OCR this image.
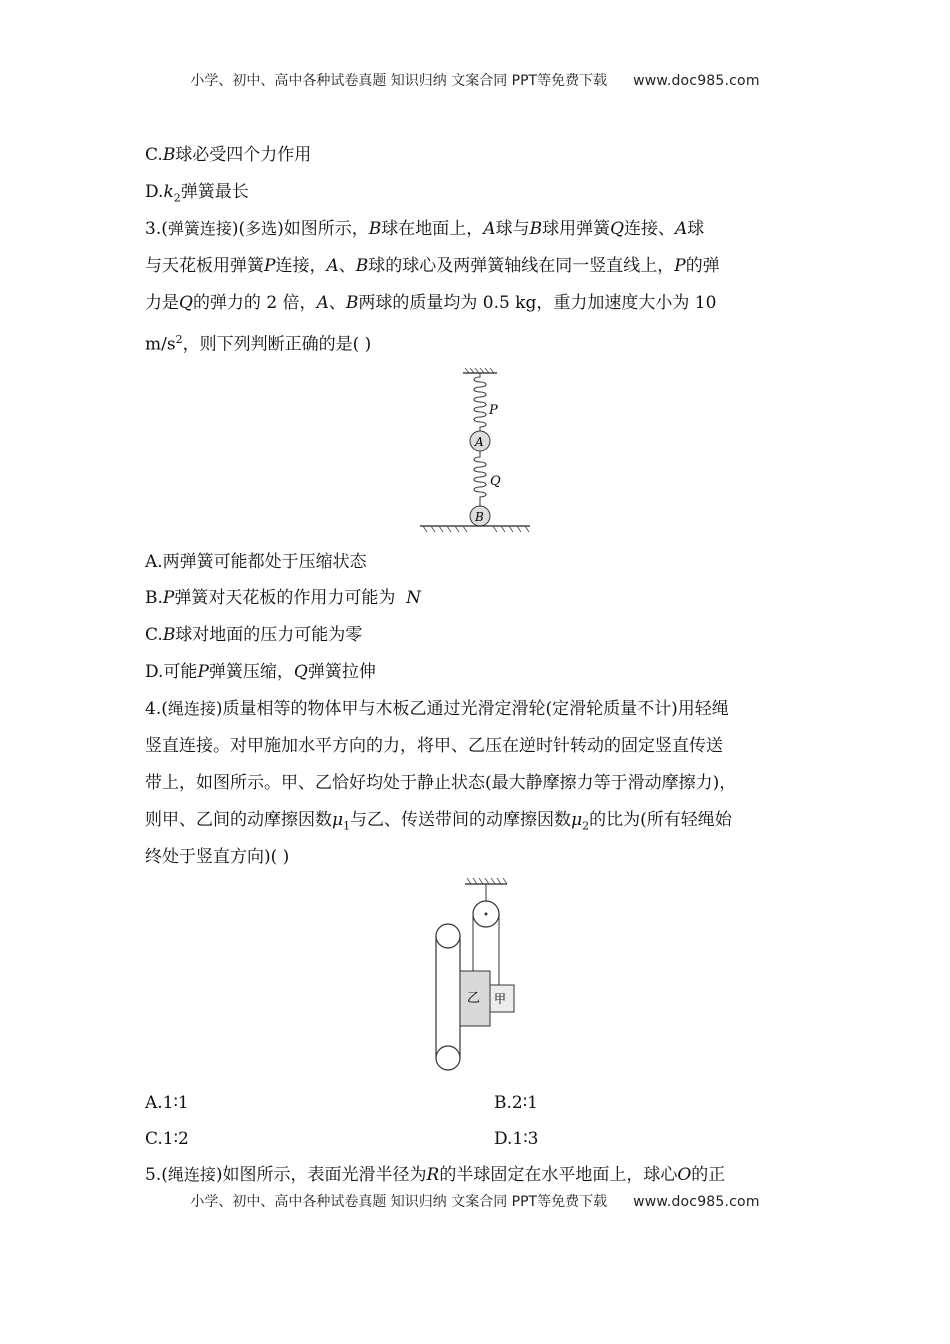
小学、初中、高中各种试卷真题 知识归纳 文案合同 PPT等免费下载 www.doc985.com
C.B球必受四个力作用
$D.k_2$弹簧最长
3.(弹簧连接)(多选)如图所示，B球在地面上，A球与B球用弹簧Q连接、A球
与天花板用弹簧P连接，A、B球的球心及两弹簧轴线在同一竖直线上，P的弹
力是Q的弹力的 2 倍，A、B两球的质量均为 0.5 kg，重力加速度大小为 10
$m/s^2$，则下列判断正确的是( )
P
A
Q
B
A.两弹簧可能都处于压缩状态
B.P弹簧对天花板的作用力可能为 N
C.B球对地面的压力可能为零
D.可能P弹簧压缩，Q弹簧拉伸
4.(绳连接)质量相等的物体甲与木板乙通过光滑定滑轮(定滑轮质量不计)用轻绳
竖直连接。对甲施加水平方向的力，将甲、乙压在逆时针转动的固定竖直传送
带上，如图所示。甲、乙恰好均处于静止状态(最大静摩擦力等于滑动摩擦力)，
则甲、乙间的动摩擦因数$\mu_1$与乙、传送带间的动摩擦因数$\mu_2$的比为(所有轻绳始
终处于竖直方向)( )
乙 甲
A.1∶1	B.2∶1
C.1∶2	D.1∶3
5.(绳连接)如图所示，表面光滑半径为R的半球固定在水平地面上，球心O的正
小学、初中、高中各种试卷真题 知识归纳 文案合同 PPT等免费下载 www.doc985.com
